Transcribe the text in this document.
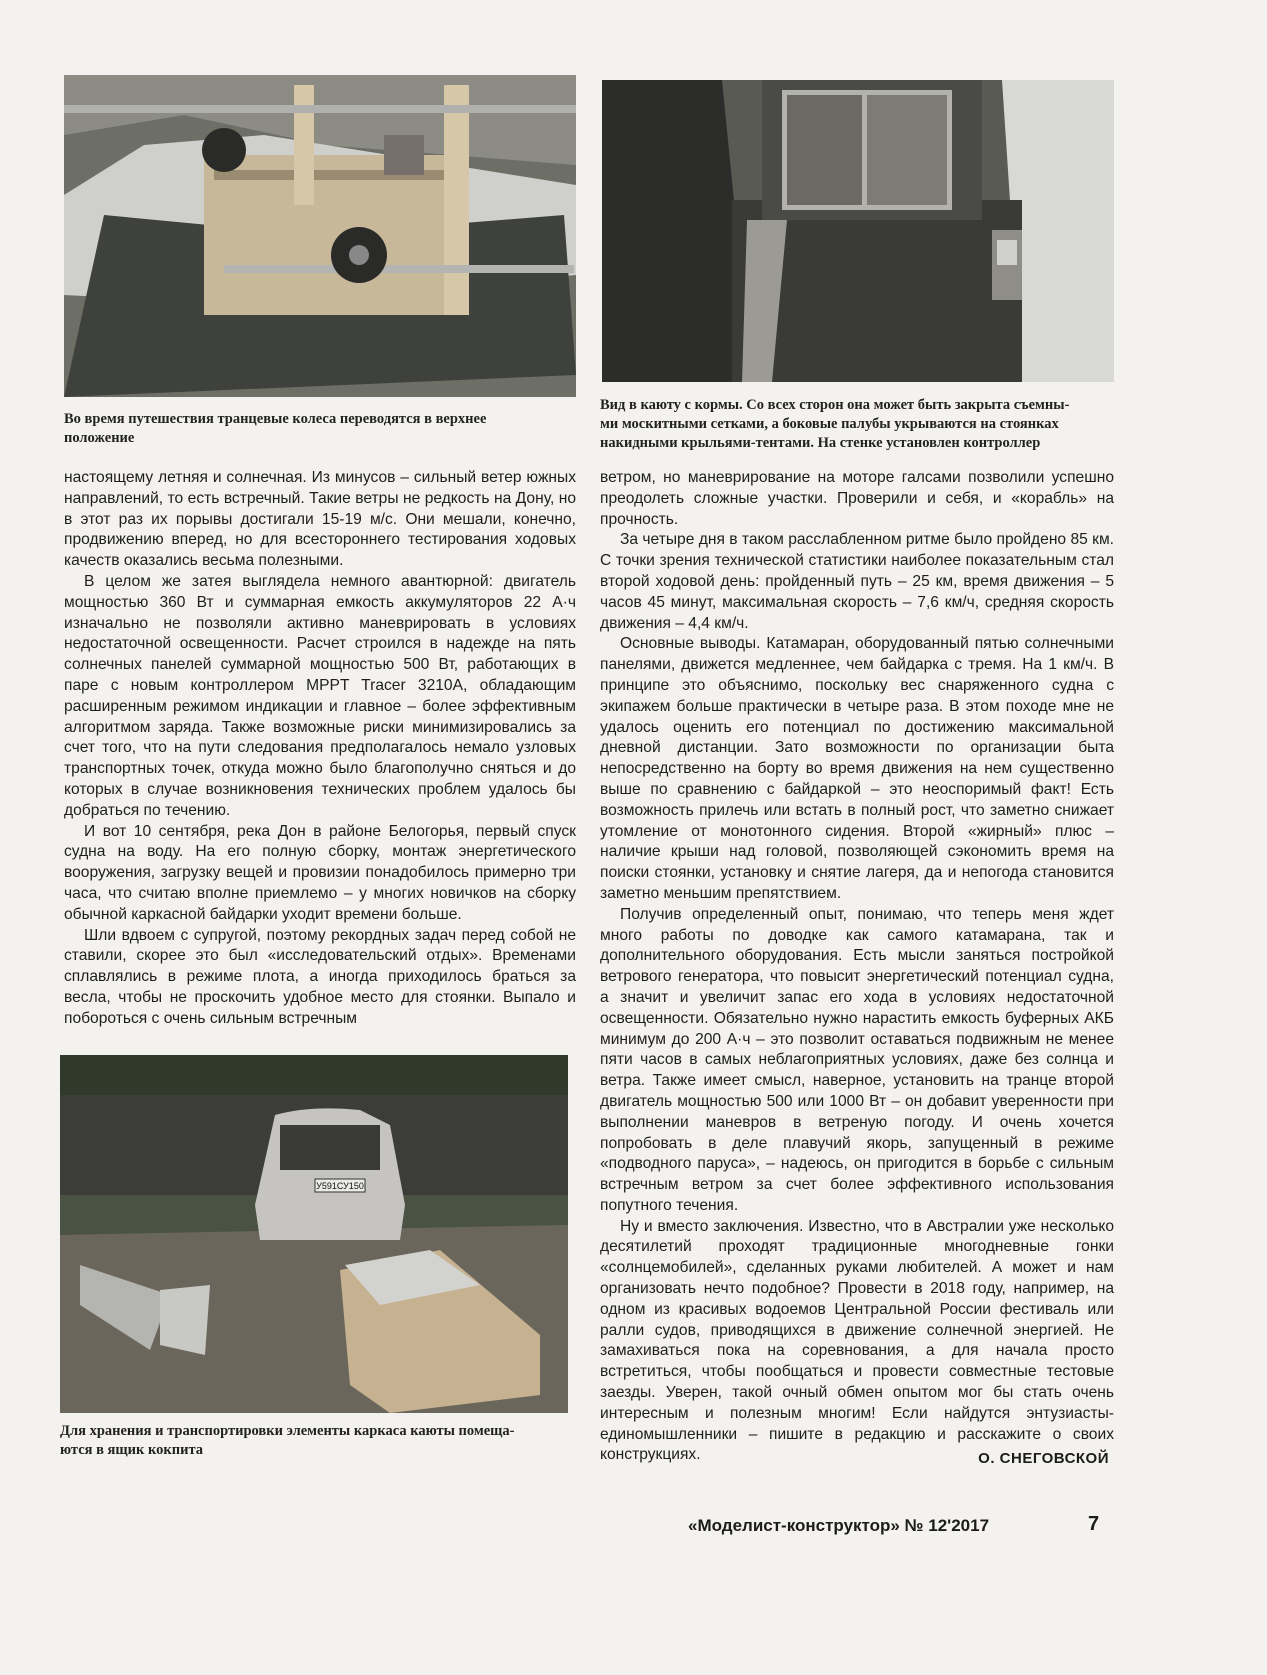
Во время путешествия транцевые колеса переводятся в верхнее
положение
Вид в каюту с кормы. Со всех сторон она может быть закрыта съемны-
ми москитными сетками, а боковые палубы укрываются на стоянках
накидными крыльями-тентами. На стенке установлен контроллер

настоящему летняя и солнечная. Из минусов – сильный ветер южных направлений, то есть встречный. Такие ветры не редкость на Дону, но в этот раз их порывы достигали 15-19 м/с. Они мешали, конечно, продвижению вперед, но для всестороннего тестирования ходовых качеств оказались весьма полезными.

В целом же затея выглядела немного авантюрной: двигатель мощностью 360 Вт и суммарная емкость аккумуляторов 22 А·ч изначально не позволяли активно маневрировать в условиях недостаточной освещенности. Расчет строился в надежде на пять солнечных панелей суммарной мощностью 500 Вт, работающих в паре с новым контроллером MPPT Tracer 3210A, обладающим расширенным режимом индикации и главное – более эффективным алгоритмом заряда. Также возможные риски минимизировались за счет того, что на пути следования предполагалось немало узловых транспортных точек, откуда можно было благополучно сняться и до которых в случае возникновения технических проблем удалось бы добраться по течению.

И вот 10 сентября, река Дон в районе Белогорья, первый спуск судна на воду. На его полную сборку, монтаж энергетического вооружения, загрузку вещей и провизии понадобилось примерно три часа, что считаю вполне приемлемо – у многих новичков на сборку обычной каркасной байдарки уходит времени больше.

Шли вдвоем с супругой, поэтому рекордных задач перед собой не ставили, скорее это был «исследовательский отдых». Временами сплавлялись в режиме плота, а иногда приходилось браться за весла, чтобы не проскочить удобное место для стоянки. Выпало и побороться с очень сильным встречным

У591СУ150
Для хранения и транспортировки элементы каркаса каюты помеща-
ются в ящик кокпита

ветром, но маневрирование на моторе галсами позволили успешно преодолеть сложные участки. Проверили и себя, и «корабль» на прочность.

За четыре дня в таком расслабленном ритме было пройдено 85 км. С точки зрения технической статистики наиболее показательным стал второй ходовой день: пройденный путь – 25 км, время движения – 5 часов 45 минут, максимальная скорость – 7,6 км/ч, средняя скорость движения – 4,4 км/ч.

Основные выводы. Катамаран, оборудованный пятью солнечными панелями, движется медленнее, чем байдарка с тремя. На 1 км/ч. В принципе это объяснимо, поскольку вес снаряженного судна с экипажем больше практически в четыре раза. В этом походе мне не удалось оценить его потенциал по достижению максимальной дневной дистанции. Зато возможности по организации быта непосредственно на борту во время движения на нем существенно выше по сравнению с байдаркой – это неоспоримый факт! Есть возможность прилечь или встать в полный рост, что заметно снижает утомление от монотонного сидения. Второй «жирный» плюс – наличие крыши над головой, позволяющей сэкономить время на поиски стоянки, установку и снятие лагеря, да и непогода становится заметно меньшим препятствием.

Получив определенный опыт, понимаю, что теперь меня ждет много работы по доводке как самого катамарана, так и дополнительного оборудования. Есть мысли заняться постройкой ветрового генератора, что повысит энергетический потенциал судна, а значит и увеличит запас его хода в условиях недостаточной освещенности. Обязательно нужно нарастить емкость буферных АКБ минимум до 200 А·ч – это позволит оставаться подвижным не менее пяти часов в самых неблагоприятных условиях, даже без солнца и ветра. Также имеет смысл, наверное, установить на транце второй двигатель мощностью 500 или 1000 Вт – он добавит уверенности при выполнении маневров в ветреную погоду. И очень хочется попробовать в деле плавучий якорь, запущенный в режиме «подводного паруса», – надеюсь, он пригодится в борьбе с сильным встречным ветром за счет более эффективного использования попутного течения.

Ну и вместо заключения. Известно, что в Австралии уже несколько десятилетий проходят традиционные многодневные гонки «солнцемобилей», сделанных руками любителей. А может и нам организовать нечто подобное? Провести в 2018 году, например, на одном из красивых водоемов Центральной России фестиваль или ралли судов, приводящихся в движение солнечной энергией. Не замахиваться пока на соревнования, а для начала просто встретиться, чтобы пообщаться и провести совместные тестовые заезды. Уверен, такой очный обмен опытом мог бы стать очень интересным и полезным многим! Если найдутся энтузиасты-единомышленники – пишите в редакцию и расскажите о своих конструкциях.	О. СНЕГОВСКОЙ
«Моделист-конструктор» № 12'2017	7
